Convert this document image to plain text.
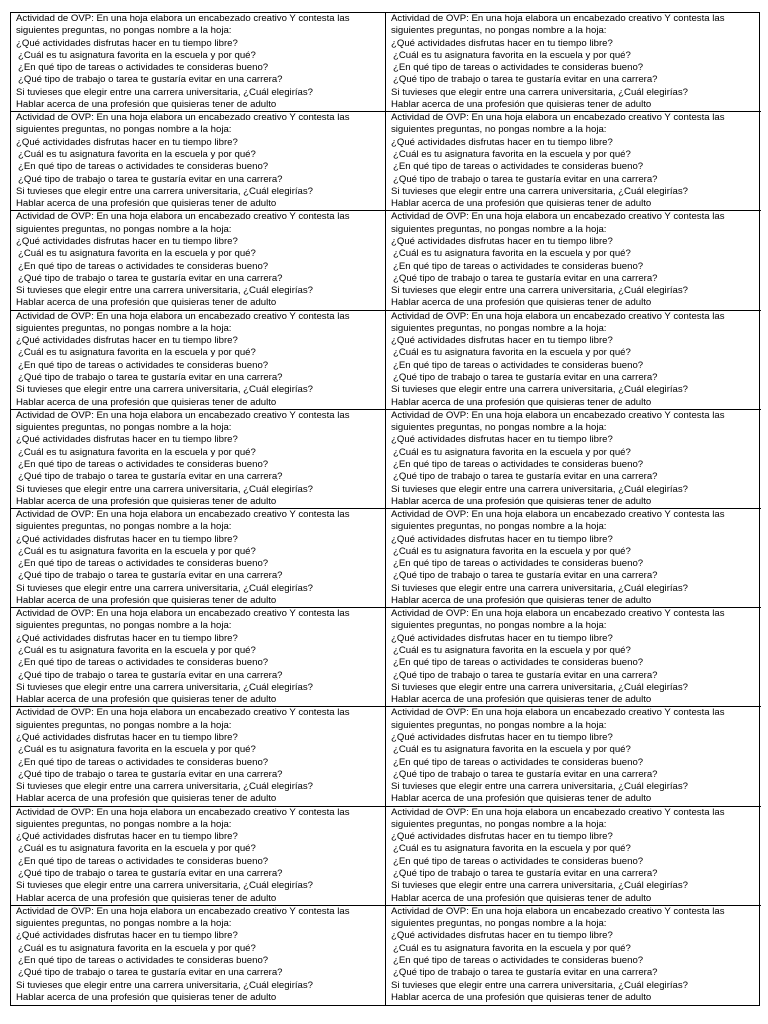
Actividad de OVP: En una hoja elabora un encabezado creativo Y contesta las siguientes preguntas, no pongas nombre a la hoja:
¿Qué actividades disfrutas hacer en tu tiempo libre?
¿Cuál es tu asignatura favorita en la escuela y por qué?
¿En qué tipo de tareas o actividades te consideras bueno?
¿Qué tipo de trabajo o tarea te gustaría evitar en una carrera?
Si tuvieses que elegir entre una carrera universitaria, ¿Cuál elegirías?
Hablar acerca de una profesión que quisieras tener de adulto
Actividad de OVP: En una hoja elabora un encabezado creativo Y contesta las siguientes preguntas, no pongas nombre a la hoja:
¿Qué actividades disfrutas hacer en tu tiempo libre?
¿Cuál es tu asignatura favorita en la escuela y por qué?
¿En qué tipo de tareas o actividades te consideras bueno?
¿Qué tipo de trabajo o tarea te gustaría evitar en una carrera?
Si tuvieses que elegir entre una carrera universitaria, ¿Cuál elegirías?
Hablar acerca de una profesión que quisieras tener de adulto
Actividad de OVP: En una hoja elabora un encabezado creativo Y contesta las siguientes preguntas, no pongas nombre a la hoja:
¿Qué actividades disfrutas hacer en tu tiempo libre?
¿Cuál es tu asignatura favorita en la escuela y por qué?
¿En qué tipo de tareas o actividades te consideras bueno?
¿Qué tipo de trabajo o tarea te gustaría evitar en una carrera?
Si tuvieses que elegir entre una carrera universitaria, ¿Cuál elegirías?
Hablar acerca de una profesión que quisieras tener de adulto
Actividad de OVP: En una hoja elabora un encabezado creativo Y contesta las siguientes preguntas, no pongas nombre a la hoja:
¿Qué actividades disfrutas hacer en tu tiempo libre?
¿Cuál es tu asignatura favorita en la escuela y por qué?
¿En qué tipo de tareas o actividades te consideras bueno?
¿Qué tipo de trabajo o tarea te gustaría evitar en una carrera?
Si tuvieses que elegir entre una carrera universitaria, ¿Cuál elegirías?
Hablar acerca de una profesión que quisieras tener de adulto
Actividad de OVP: En una hoja elabora un encabezado creativo Y contesta las siguientes preguntas, no pongas nombre a la hoja:
¿Qué actividades disfrutas hacer en tu tiempo libre?
¿Cuál es tu asignatura favorita en la escuela y por qué?
¿En qué tipo de tareas o actividades te consideras bueno?
¿Qué tipo de trabajo o tarea te gustaría evitar en una carrera?
Si tuvieses que elegir entre una carrera universitaria, ¿Cuál elegirías?
Hablar acerca de una profesión que quisieras tener de adulto
Actividad de OVP: En una hoja elabora un encabezado creativo Y contesta las siguientes preguntas, no pongas nombre a la hoja:
¿Qué actividades disfrutas hacer en tu tiempo libre?
¿Cuál es tu asignatura favorita en la escuela y por qué?
¿En qué tipo de tareas o actividades te consideras bueno?
¿Qué tipo de trabajo o tarea te gustaría evitar en una carrera?
Si tuvieses que elegir entre una carrera universitaria, ¿Cuál elegirías?
Hablar acerca de una profesión que quisieras tener de adulto
Actividad de OVP: En una hoja elabora un encabezado creativo Y contesta las siguientes preguntas, no pongas nombre a la hoja:
¿Qué actividades disfrutas hacer en tu tiempo libre?
¿Cuál es tu asignatura favorita en la escuela y por qué?
¿En qué tipo de tareas o actividades te consideras bueno?
¿Qué tipo de trabajo o tarea te gustaría evitar en una carrera?
Si tuvieses que elegir entre una carrera universitaria, ¿Cuál elegirías?
Hablar acerca de una profesión que quisieras tener de adulto
Actividad de OVP: En una hoja elabora un encabezado creativo Y contesta las siguientes preguntas, no pongas nombre a la hoja:
¿Qué actividades disfrutas hacer en tu tiempo libre?
¿Cuál es tu asignatura favorita en la escuela y por qué?
¿En qué tipo de tareas o actividades te consideras bueno?
¿Qué tipo de trabajo o tarea te gustaría evitar en una carrera?
Si tuvieses que elegir entre una carrera universitaria, ¿Cuál elegirías?
Hablar acerca de una profesión que quisieras tener de adulto
Actividad de OVP: En una hoja elabora un encabezado creativo Y contesta las siguientes preguntas, no pongas nombre a la hoja:
¿Qué actividades disfrutas hacer en tu tiempo libre?
¿Cuál es tu asignatura favorita en la escuela y por qué?
¿En qué tipo de tareas o actividades te consideras bueno?
¿Qué tipo de trabajo o tarea te gustaría evitar en una carrera?
Si tuvieses que elegir entre una carrera universitaria, ¿Cuál elegirías?
Hablar acerca de una profesión que quisieras tener de adulto
Actividad de OVP: En una hoja elabora un encabezado creativo Y contesta las siguientes preguntas, no pongas nombre a la hoja:
¿Qué actividades disfrutas hacer en tu tiempo libre?
¿Cuál es tu asignatura favorita en la escuela y por qué?
¿En qué tipo de tareas o actividades te consideras bueno?
¿Qué tipo de trabajo o tarea te gustaría evitar en una carrera?
Si tuvieses que elegir entre una carrera universitaria, ¿Cuál elegirías?
Hablar acerca de una profesión que quisieras tener de adulto
Actividad de OVP: En una hoja elabora un encabezado creativo Y contesta las siguientes preguntas, no pongas nombre a la hoja:
¿Qué actividades disfrutas hacer en tu tiempo libre?
¿Cuál es tu asignatura favorita en la escuela y por qué?
¿En qué tipo de tareas o actividades te consideras bueno?
¿Qué tipo de trabajo o tarea te gustaría evitar en una carrera?
Si tuvieses que elegir entre una carrera universitaria, ¿Cuál elegirías?
Hablar acerca de una profesión que quisieras tener de adulto
Actividad de OVP: En una hoja elabora un encabezado creativo Y contesta las siguientes preguntas, no pongas nombre a la hoja:
¿Qué actividades disfrutas hacer en tu tiempo libre?
¿Cuál es tu asignatura favorita en la escuela y por qué?
¿En qué tipo de tareas o actividades te consideras bueno?
¿Qué tipo de trabajo o tarea te gustaría evitar en una carrera?
Si tuvieses que elegir entre una carrera universitaria, ¿Cuál elegirías?
Hablar acerca de una profesión que quisieras tener de adulto
Actividad de OVP: En una hoja elabora un encabezado creativo Y contesta las siguientes preguntas, no pongas nombre a la hoja:
¿Qué actividades disfrutas hacer en tu tiempo libre?
¿Cuál es tu asignatura favorita en la escuela y por qué?
¿En qué tipo de tareas o actividades te consideras bueno?
¿Qué tipo de trabajo o tarea te gustaría evitar en una carrera?
Si tuvieses que elegir entre una carrera universitaria, ¿Cuál elegirías?
Hablar acerca de una profesión que quisieras tener de adulto
Actividad de OVP: En una hoja elabora un encabezado creativo Y contesta las siguientes preguntas, no pongas nombre a la hoja:
¿Qué actividades disfrutas hacer en tu tiempo libre?
¿Cuál es tu asignatura favorita en la escuela y por qué?
¿En qué tipo de tareas o actividades te consideras bueno?
¿Qué tipo de trabajo o tarea te gustaría evitar en una carrera?
Si tuvieses que elegir entre una carrera universitaria, ¿Cuál elegirías?
Hablar acerca de una profesión que quisieras tener de adulto
Actividad de OVP: En una hoja elabora un encabezado creativo Y contesta las siguientes preguntas, no pongas nombre a la hoja:
¿Qué actividades disfrutas hacer en tu tiempo libre?
¿Cuál es tu asignatura favorita en la escuela y por qué?
¿En qué tipo de tareas o actividades te consideras bueno?
¿Qué tipo de trabajo o tarea te gustaría evitar en una carrera?
Si tuvieses que elegir entre una carrera universitaria, ¿Cuál elegirías?
Hablar acerca de una profesión que quisieras tener de adulto
Actividad de OVP: En una hoja elabora un encabezado creativo Y contesta las siguientes preguntas, no pongas nombre a la hoja:
¿Qué actividades disfrutas hacer en tu tiempo libre?
¿Cuál es tu asignatura favorita en la escuela y por qué?
¿En qué tipo de tareas o actividades te consideras bueno?
¿Qué tipo de trabajo o tarea te gustaría evitar en una carrera?
Si tuvieses que elegir entre una carrera universitaria, ¿Cuál elegirías?
Hablar acerca de una profesión que quisieras tener de adulto
Actividad de OVP: En una hoja elabora un encabezado creativo Y contesta las siguientes preguntas, no pongas nombre a la hoja:
¿Qué actividades disfrutas hacer en tu tiempo libre?
¿Cuál es tu asignatura favorita en la escuela y por qué?
¿En qué tipo de tareas o actividades te consideras bueno?
¿Qué tipo de trabajo o tarea te gustaría evitar en una carrera?
Si tuvieses que elegir entre una carrera universitaria, ¿Cuál elegirías?
Hablar acerca de una profesión que quisieras tener de adulto
Actividad de OVP: En una hoja elabora un encabezado creativo Y contesta las siguientes preguntas, no pongas nombre a la hoja:
¿Qué actividades disfrutas hacer en tu tiempo libre?
¿Cuál es tu asignatura favorita en la escuela y por qué?
¿En qué tipo de tareas o actividades te consideras bueno?
¿Qué tipo de trabajo o tarea te gustaría evitar en una carrera?
Si tuvieses que elegir entre una carrera universitaria, ¿Cuál elegirías?
Hablar acerca de una profesión que quisieras tener de adulto
Actividad de OVP: En una hoja elabora un encabezado creativo Y contesta las siguientes preguntas, no pongas nombre a la hoja:
¿Qué actividades disfrutas hacer en tu tiempo libre?
¿Cuál es tu asignatura favorita en la escuela y por qué?
¿En qué tipo de tareas o actividades te consideras bueno?
¿Qué tipo de trabajo o tarea te gustaría evitar en una carrera?
Si tuvieses que elegir entre una carrera universitaria, ¿Cuál elegirías?
Hablar acerca de una profesión que quisieras tener de adulto
Actividad de OVP: En una hoja elabora un encabezado creativo Y contesta las siguientes preguntas, no pongas nombre a la hoja:
¿Qué actividades disfrutas hacer en tu tiempo libre?
¿Cuál es tu asignatura favorita en la escuela y por qué?
¿En qué tipo de tareas o actividades te consideras bueno?
¿Qué tipo de trabajo o tarea te gustaría evitar en una carrera?
Si tuvieses que elegir entre una carrera universitaria, ¿Cuál elegirías?
Hablar acerca de una profesión que quisieras tener de adulto
